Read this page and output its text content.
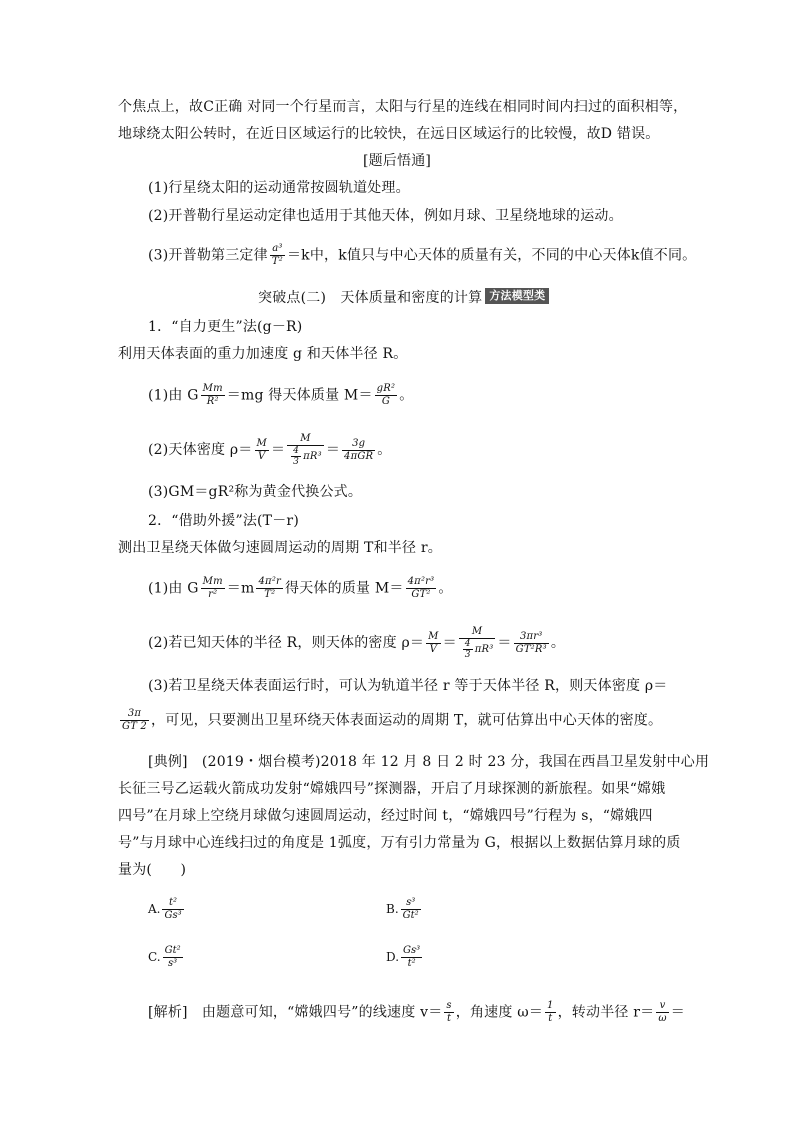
个焦点上，故C正确 对同一个行星而言，太阳与行星的连线在相同时间内扫过的面积相等，
地球绕太阳公转时，在近日区域运行的比较快，在远日区域运行的比较慢，故D 错误。
[题后悟通]
(1)行星绕太阳的运动通常按圆轨道处理。
(2)开普勒行星运动定律也适用于其他天体，例如月球、卫星绕地球的运动。
(3)开普勒第三定律 $\frac{\text{a³}}{\text{T²}} =k$中，k值只与中心天体的质量有关，不同的中心天体k值不同。
突破点(二)　天体质量和密度的计算 方法模型类
1．“自力更生”法(g－R)
利用天体表面的重力加速度 g 和天体半径 R。
(1)由 G $\frac{Mm}{\text{R²}} =mg$ 得天体质量 $M= \frac{\text{gR²}}{G}$ 。
(2)天体密度 $\rho= \frac{M}{V} = \frac{M}{\frac{4}{3} \pi R^3} = \frac{3g}{\text{4πGR}}$ 。
(3)GM＝gR²称为黄金代换公式。
2．“借助外援”法(T－r)
测出卫星绕天体做匀速圆周运动的周期 T和半径 r。
(1)由 G $\frac{Mm}{\text{r²}} =m \frac{\text{4π²r}}{\text{T²}}$ 得天体的质量 $M= \frac{\text{4π²r³}}{\text{GT²}}$ 。
(2)若已知天体的半径 R，则天体的密度 $\rho= \frac{M}{V} = \frac{M}{\frac{4}{3} \pi R^3} = \frac{\text{3πr³}}{\text{GT²R³}}$ 。
(3)若卫星绕天体表面运行时，可认为轨道半径 r 等于天体半径 R，则天体密度 ρ＝
$\frac{3\pi}{GT 2}$ ，可见，只要测出卫星环绕天体表面运动的周期 T，就可估算出中心天体的密度。
[典例]　(2019・烟台模考)2018 年 12 月 8 日 2 时 23 分，我国在西昌卫星发射中心用
长征三号乙运载火箭成功发射“嫦娥四号”探测器，开启了月球探测的新旅程。如果“嫦娥
四号”在月球上空绕月球做匀速圆周运动，经过时间 t，“嫦娥四号”行程为 s，“嫦娥四
号”与月球中心连线扫过的角度是 1弧度，万有引力常量为 G，根据以上数据估算月球的质
量为(　　)
A. $\frac{\text{t²}}{\text{Gs³}}$	B. $\frac{\text{s³}}{\text{Gt²}}$
C. $\frac{\text{Gt²}}{\text{s³}}$	D. $\frac{\text{Gs³}}{\text{t²}}$
[解析]　由题意可知，“嫦娥四号”的线速度 $v= \frac{s}{t}$ ，角速度 $\omega= \frac{1}{t}$ ，转动半径 $r= \frac{v}{\omega}$ ＝
